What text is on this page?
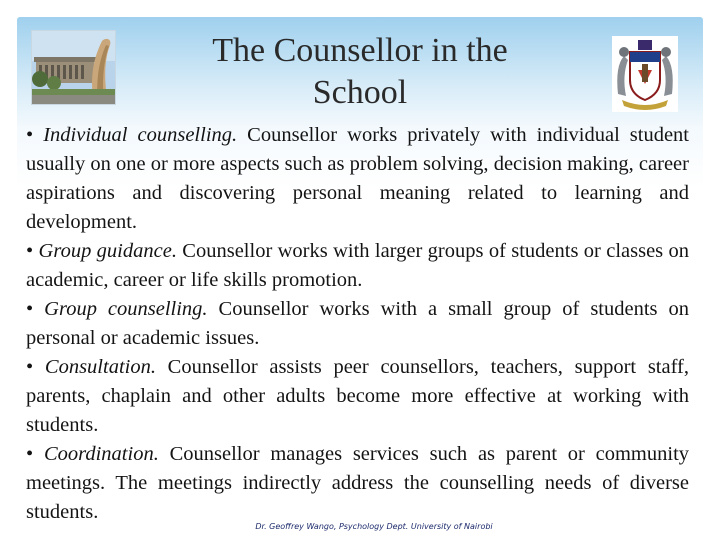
The Counsellor in the
School

• Individual counselling. Counsellor works privately with individual student usually on one or more aspects such as problem solving, decision making, career aspirations and discovering personal meaning related to learning and development.

• Group guidance. Counsellor works with larger groups of students or classes on academic, career or life skills promotion.

• Group counselling. Counsellor works with a small group of students on personal or academic issues.

• Consultation. Counsellor assists peer counsellors, teachers, support staff, parents, chaplain and other adults become more effective at working with students.

• Coordination. Counsellor manages services such as parent or community meetings. The meetings indirectly address the counselling needs of diverse students.

Dr. Geoffrey Wango, Psychology Dept. University of Nairobi
